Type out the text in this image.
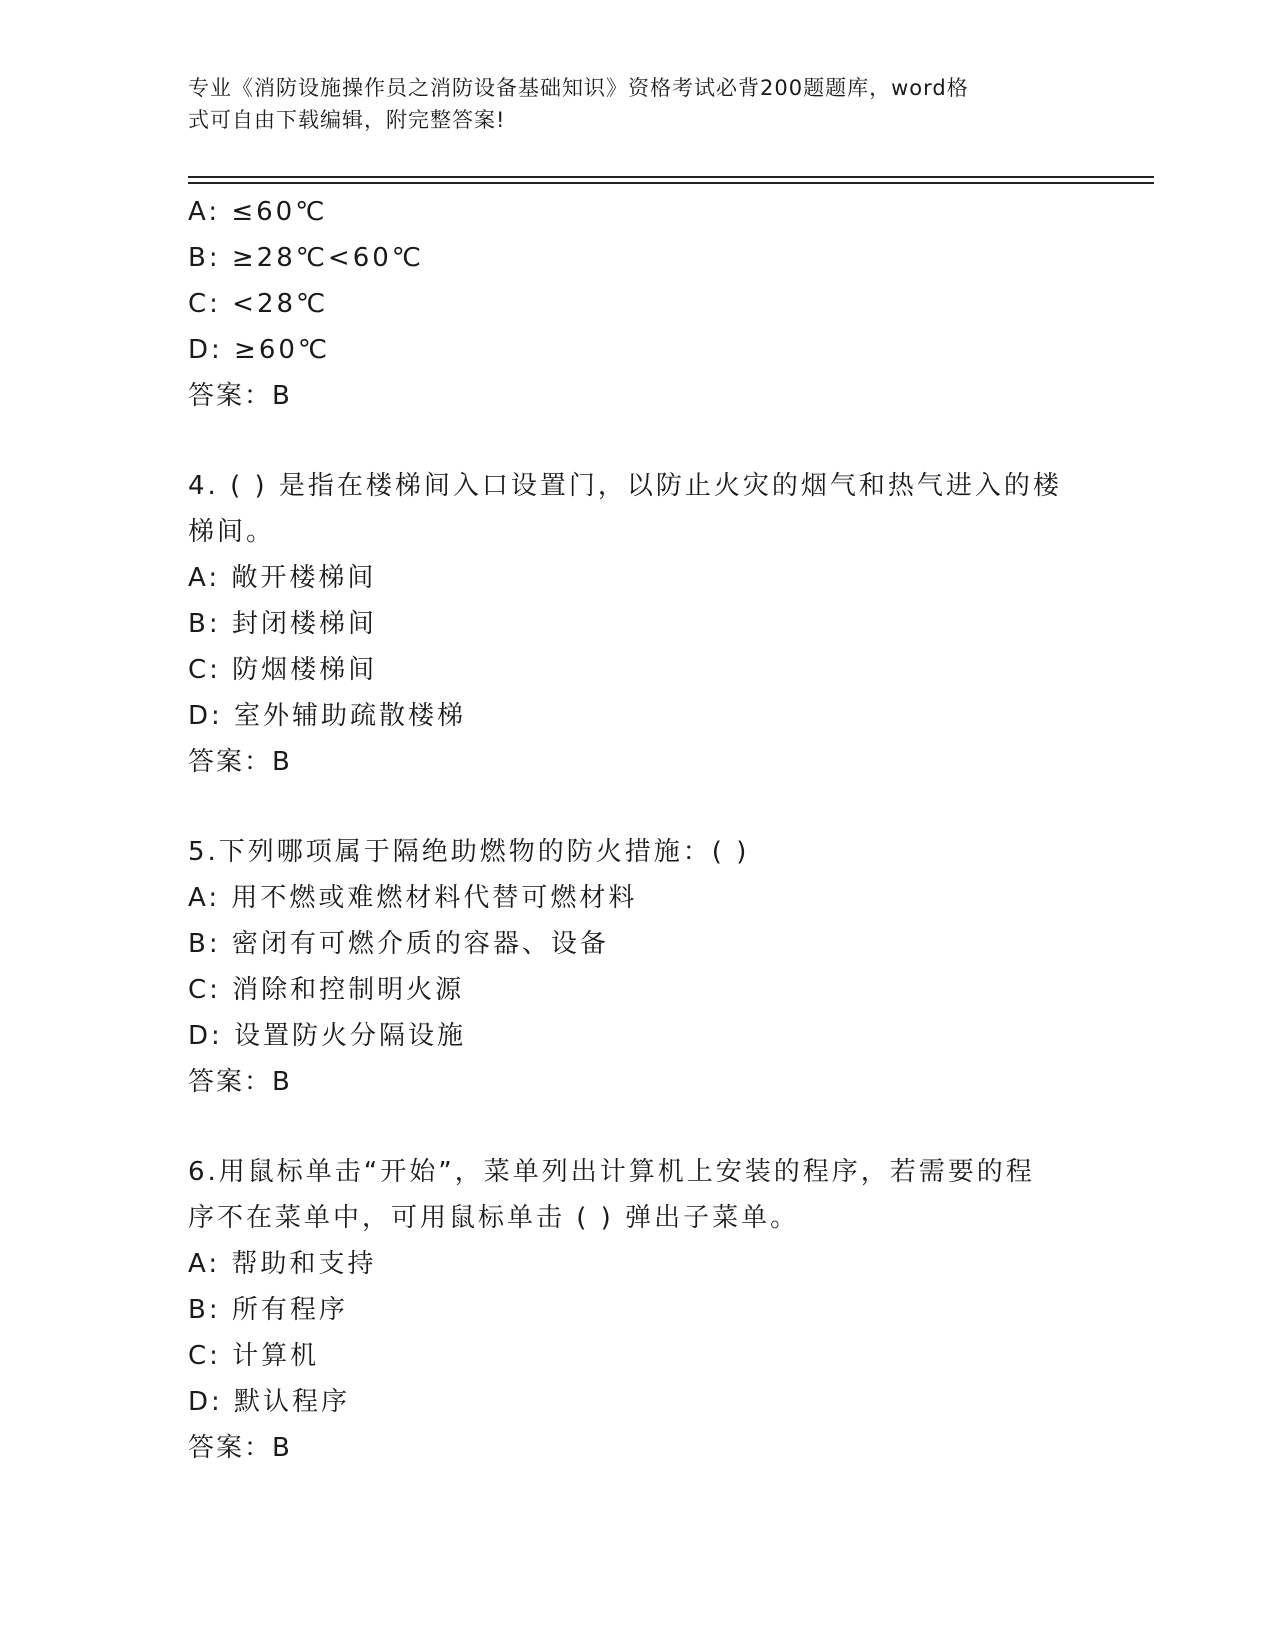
专业《消防设施操作员之消防设备基础知识》资格考试必背200题题库，word格
式可自由下载编辑，附完整答案!
A: ≤60℃
B: ≥28℃<60℃
C: <28℃
D: ≥60℃
答案：B
4. ( ) 是指在楼梯间入口设置门，以防止火灾的烟气和热气进入的楼
梯间。
A: 敞开楼梯间
B: 封闭楼梯间
C: 防烟楼梯间
D: 室外辅助疏散楼梯
答案：B
5.下列哪项属于隔绝助燃物的防火措施：( )
A: 用不燃或难燃材料代替可燃材料
B: 密闭有可燃介质的容器、设备
C: 消除和控制明火源
D: 设置防火分隔设施
答案：B
6.用鼠标单击“开始”，菜单列出计算机上安装的程序，若需要的程
序不在菜单中，可用鼠标单击 ( ) 弹出子菜单。
A: 帮助和支持
B: 所有程序
C: 计算机
D: 默认程序
答案：B
